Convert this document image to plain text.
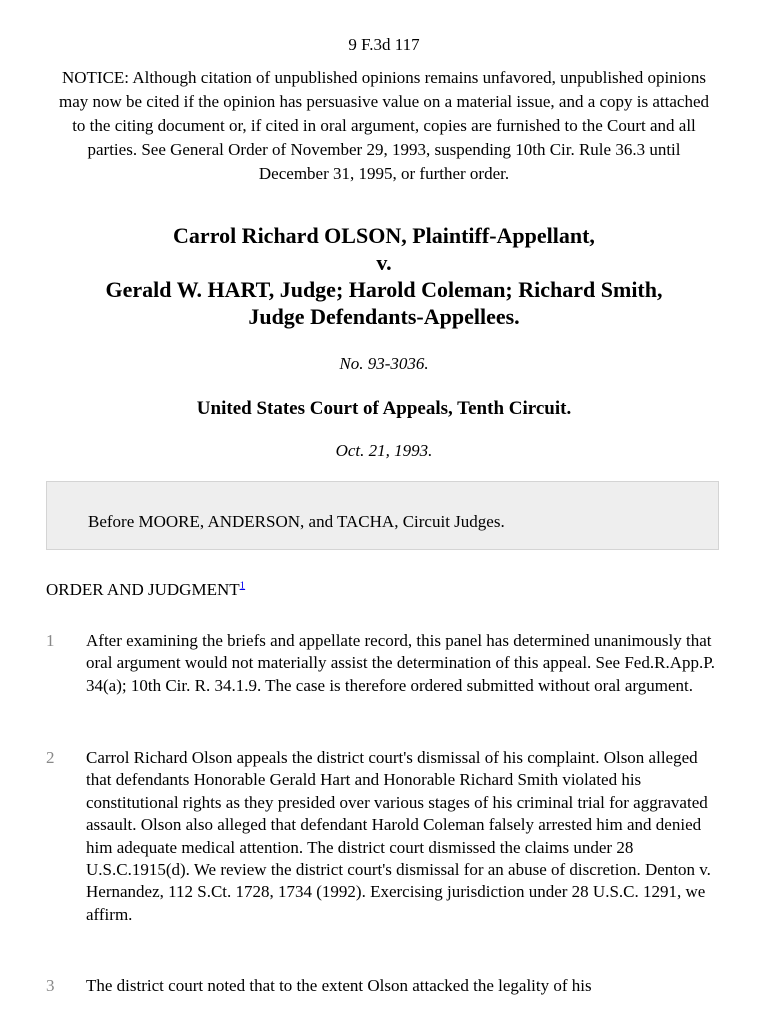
9 F.3d 117
NOTICE: Although citation of unpublished opinions remains unfavored, unpublished opinions may now be cited if the opinion has persuasive value on a material issue, and a copy is attached to the citing document or, if cited in oral argument, copies are furnished to the Court and all parties. See General Order of November 29, 1993, suspending 10th Cir. Rule 36.3 until December 31, 1995, or further order.
Carrol Richard OLSON, Plaintiff-Appellant,
v.
Gerald W. HART, Judge; Harold Coleman; Richard Smith,
Judge Defendants-Appellees.
No. 93-3036.
United States Court of Appeals, Tenth Circuit.
Oct. 21, 1993.
Before MOORE, ANDERSON, and TACHA, Circuit Judges.
ORDER AND JUDGMENT$^1$
1	After examining the briefs and appellate record, this panel has determined unanimously that oral argument would not materially assist the determination of this appeal. See Fed.R.App.P. 34(a); 10th Cir. R. 34.1.9. The case is therefore ordered submitted without oral argument.
2	Carrol Richard Olson appeals the district court's dismissal of his complaint. Olson alleged that defendants Honorable Gerald Hart and Honorable Richard Smith violated his constitutional rights as they presided over various stages of his criminal trial for aggravated assault. Olson also alleged that defendant Harold Coleman falsely arrested him and denied him adequate medical attention. The district court dismissed the claims under 28 U.S.C.1915(d). We review the district court's dismissal for an abuse of discretion. Denton v. Hernandez, 112 S.Ct. 1728, 1734 (1992). Exercising jurisdiction under 28 U.S.C. 1291, we affirm.
3	The district court noted that to the extent Olson attacked the legality of his
